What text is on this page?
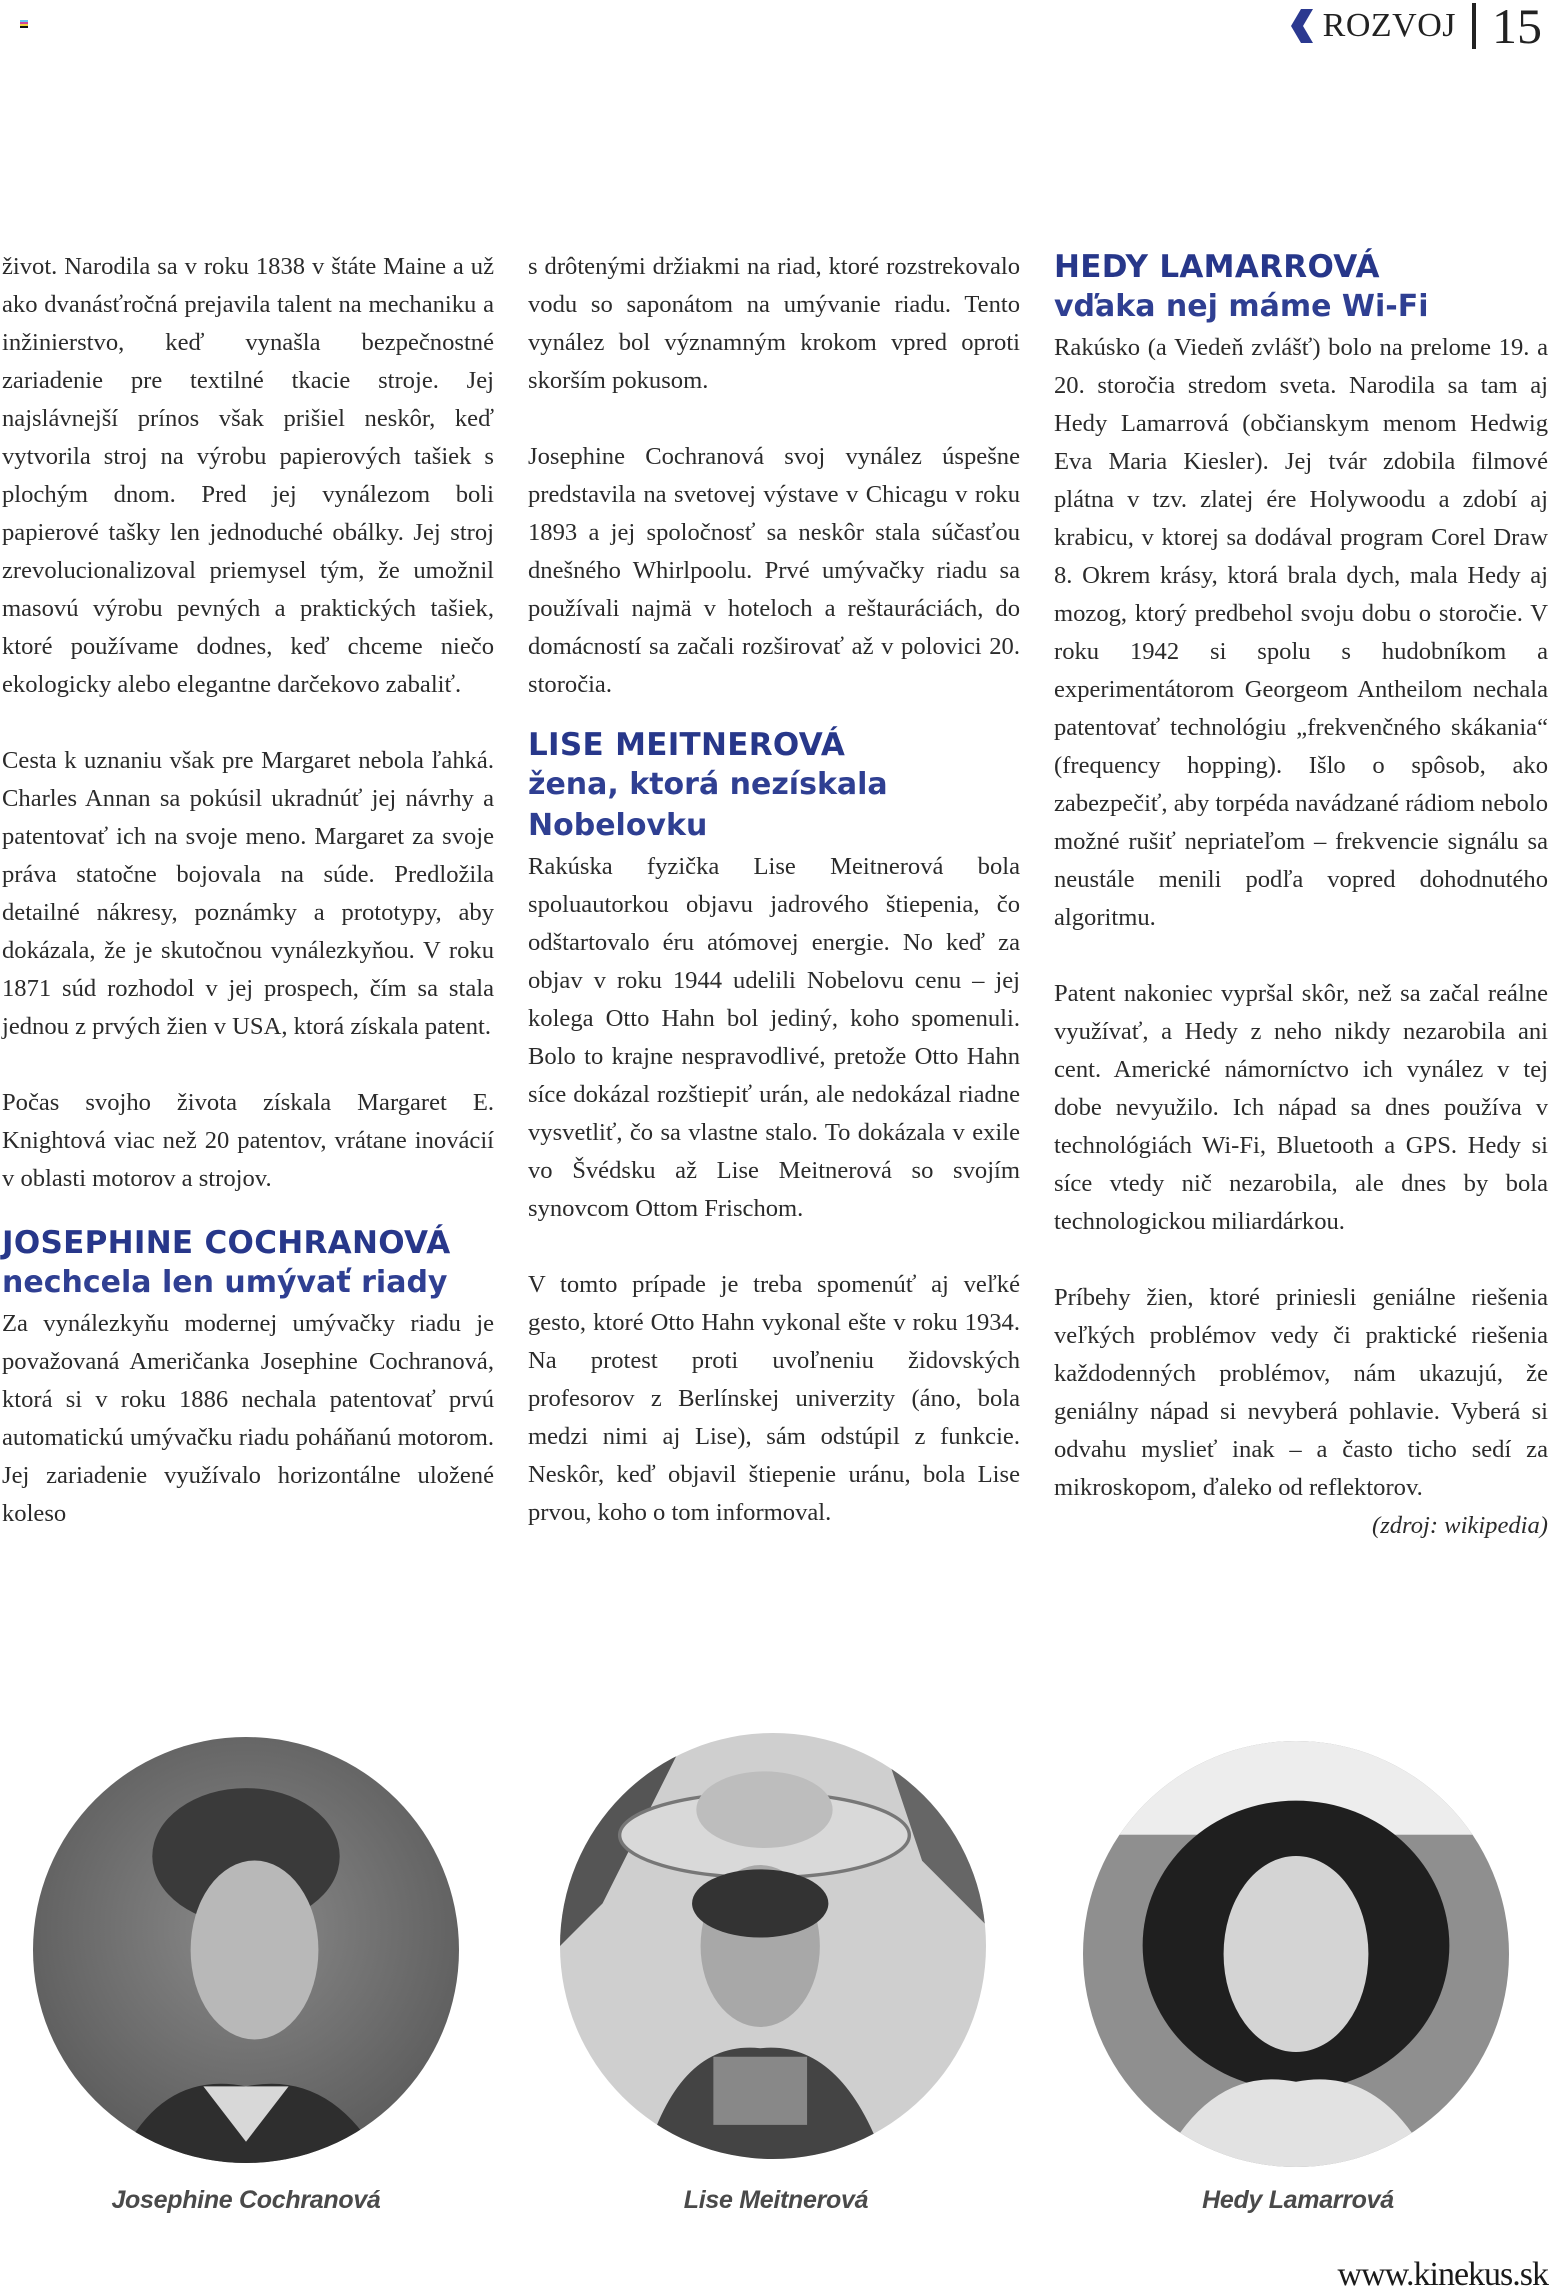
ROZVOJ 15

život. Narodila sa v roku 1838 v štáte Maine a už ako dvanásťročná prejavila talent na mechaniku a inžinierstvo, keď vynašla bezpečnostné zariadenie pre textilné tkacie stroje. Jej najslávnejší prínos však prišiel neskôr, keď vytvorila stroj na výrobu papierových tašiek s plochým dnom. Pred jej vynálezom boli papierové tašky len jednoduché obálky. Jej stroj zrevolucionalizoval priemysel tým, že umožnil masovú výrobu pevných a praktických tašiek, ktoré používame dodnes, keď chceme niečo ekologicky alebo elegantne darčekovo zabaliť.

Cesta k uznaniu však pre Margaret nebola ľahká. Charles Annan sa pokúsil ukradnúť jej návrhy a patentovať ich na svoje meno. Margaret za svoje práva statočne bojovala na súde. Predložila detailné nákresy, poznámky a prototypy, aby dokázala, že je skutočnou vynálezkyňou. V roku 1871 súd rozhodol v jej prospech, čím sa stala jednou z prvých žien v USA, ktorá získala patent.

Počas svojho života získala Margaret E. Knightová viac než 20 patentov, vrátane inovácií v oblasti motorov a strojov.

JOSEPHINE COCHRANOVÁ
nechcela len umývať riady

Za vynálezkyňu modernej umývačky riadu je považovaná Američanka Josephine Cochranová, ktorá si v roku 1886 nechala patentovať prvú automatickú umývačku riadu poháňanú motorom. Jej zariadenie využívalo horizontálne uložené koleso

s drôtenými držiakmi na riad, ktoré rozstrekovalo vodu so saponátom na umývanie riadu. Tento vynález bol významným krokom vpred oproti skorším pokusom.

Josephine Cochranová svoj vynález úspešne predstavila na svetovej výstave v Chicagu v roku 1893 a jej spoločnosť sa neskôr stala súčasťou dnešného Whirlpoolu. Prvé umývačky riadu sa používali najmä v hoteloch a reštauráciách, do domácností sa začali rozširovať až v polovici 20. storočia.

LISE MEITNEROVÁ
žena, ktorá nezískala Nobelovku

Rakúska fyzička Lise Meitnerová bola spoluautorkou objavu jadrového štiepenia, čo odštartovalo éru atómovej energie. No keď za objav v roku 1944 udelili Nobelovu cenu – jej kolega Otto Hahn bol jediný, koho spomenuli. Bolo to krajne nespravodlivé, pretože Otto Hahn síce dokázal rozštiepiť urán, ale nedokázal riadne vysvetliť, čo sa vlastne stalo. To dokázala v exile vo Švédsku až Lise Meitnerová so svojím synovcom Ottom Frischom.

V tomto prípade je treba spomenúť aj veľké gesto, ktoré Otto Hahn vykonal ešte v roku 1934. Na protest proti uvoľneniu židovských profesorov z Berlínskej univerzity (áno, bola medzi nimi aj Lise), sám odstúpil z funkcie. Neskôr, keď objavil štiepenie uránu, bola Lise prvou, koho o tom informoval.

HEDY LAMARROVÁ
vďaka nej máme Wi-Fi

Rakúsko (a Viedeň zvlášť) bolo na prelome 19. a 20. storočia stredom sveta. Narodila sa tam aj Hedy Lamarrová (občianskym menom Hedwig Eva Maria Kiesler). Jej tvár zdobila filmové plátna v tzv. zlatej ére Holywoodu a zdobí aj krabicu, v ktorej sa dodával program Corel Draw 8. Okrem krásy, ktorá brala dych, mala Hedy aj mozog, ktorý predbehol svoju dobu o storočie. V roku 1942 si spolu s hudobníkom a experimentátorom Georgeom Antheilom nechala patentovať technológiu „frekvenčného skákania“ (frequency hopping). Išlo o spôsob, ako zabezpečiť, aby torpéda navádzané rádiom nebolo možné rušiť nepriateľom – frekvencie signálu sa neustále menili podľa vopred dohodnutého algoritmu.

Patent nakoniec vypršal skôr, než sa začal reálne využívať, a Hedy z neho nikdy nezarobila ani cent. Americké námorníctvo ich vynález v tej dobe nevyužilo. Ich nápad sa dnes používa v technológiách Wi-Fi, Bluetooth a GPS. Hedy si síce vtedy nič nezarobila, ale dnes by bola technologickou miliardárkou.

Príbehy žien, ktoré priniesli geniálne riešenia veľkých problémov vedy či praktické riešenia každodenných problémov, nám ukazujú, že geniálny nápad si nevyberá pohlavie. Vyberá si odvahu myslieť inak – a často ticho sedí za mikroskopom, ďaleko od reflektorov.

(zdroj: wikipedia)

Josephine Cochranová	Lise Meitnerová	Hedy Lamarrová
www.kinekus.sk
